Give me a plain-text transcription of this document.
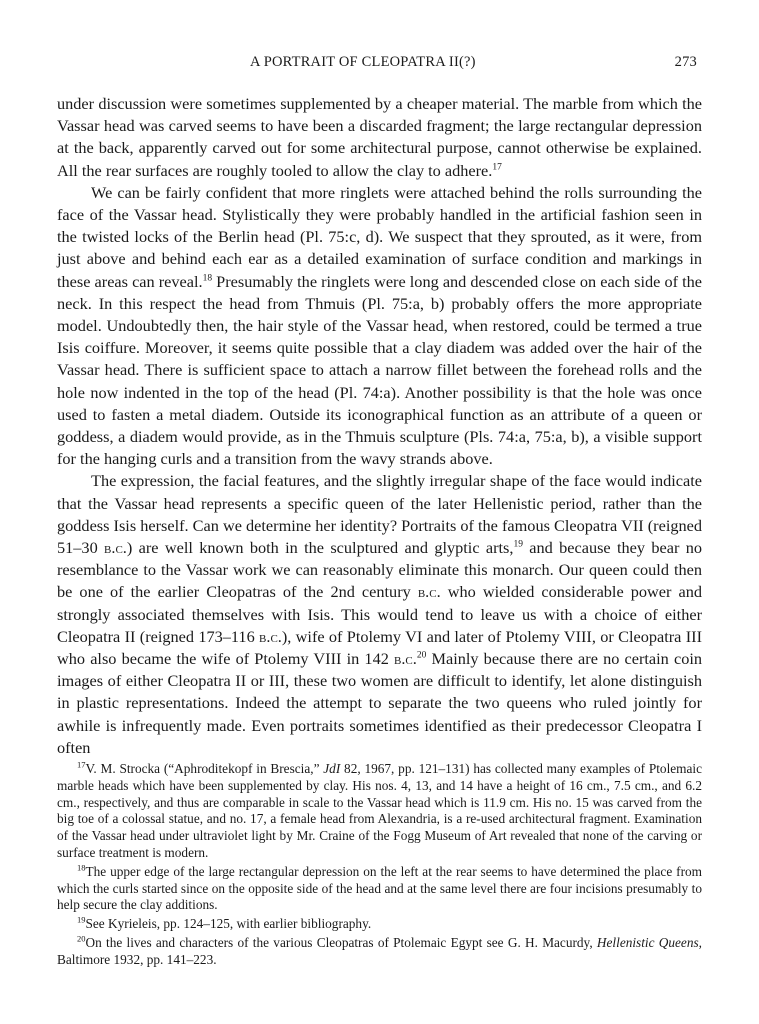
A PORTRAIT OF CLEOPATRA II(?)	273

under discussion were sometimes supplemented by a cheaper material. The marble from which the Vassar head was carved seems to have been a discarded fragment; the large rectangular depression at the back, apparently carved out for some architectural purpose, cannot otherwise be explained. All the rear surfaces are roughly tooled to allow the clay to adhere.$^{17}$

We can be fairly confident that more ringlets were attached behind the rolls surrounding the face of the Vassar head. Stylistically they were probably handled in the artificial fashion seen in the twisted locks of the Berlin head (Pl. 75:c, d). We suspect that they sprouted, as it were, from just above and behind each ear as a detailed examination of surface condition and markings in these areas can reveal.$^{18}$ Presumably the ringlets were long and descended close on each side of the neck. In this respect the head from Thmuis (Pl. 75:a, b) probably offers the more appropriate model. Undoubtedly then, the hair style of the Vassar head, when restored, could be termed a true Isis coiffure. Moreover, it seems quite possible that a clay diadem was added over the hair of the Vassar head. There is sufficient space to attach a narrow fillet between the forehead rolls and the hole now indented in the top of the head (Pl. 74:a). Another possibility is that the hole was once used to fasten a metal diadem. Outside its iconographical function as an attribute of a queen or goddess, a diadem would provide, as in the Thmuis sculpture (Pls. 74:a, 75:a, b), a visible support for the hanging curls and a transition from the wavy strands above.

The expression, the facial features, and the slightly irregular shape of the face would indicate that the Vassar head represents a specific queen of the later Hellenistic period, rather than the goddess Isis herself. Can we determine her identity? Portraits of the famous Cleopatra VII (reigned 51–30 b.c.) are well known both in the sculptured and glyptic arts,$^{19}$ and because they bear no resemblance to the Vassar work we can reasonably eliminate this monarch. Our queen could then be one of the earlier Cleopatras of the 2nd century b.c. who wielded considerable power and strongly associated themselves with Isis. This would tend to leave us with a choice of either Cleopatra II (reigned 173–116 b.c.), wife of Ptolemy VI and later of Ptolemy VIII, or Cleopatra III who also became the wife of Ptolemy VIII in 142 b.c.$^{20}$ Mainly because there are no certain coin images of either Cleopatra II or III, these two women are difficult to identify, let alone distinguish in plastic representations. Indeed the attempt to separate the two queens who ruled jointly for awhile is infrequently made. Even portraits sometimes identified as their predecessor Cleopatra I often

$^{17}$V. M. Strocka (“Aphroditekopf in Brescia,” JdI 82, 1967, pp. 121–131) has collected many examples of Ptolemaic marble heads which have been supplemented by clay. His nos. 4, 13, and 14 have a height of 16 cm., 7.5 cm., and 6.2 cm., respectively, and thus are comparable in scale to the Vassar head which is 11.9 cm. His no. 15 was carved from the big toe of a colossal statue, and no. 17, a female head from Alexandria, is a re-used architectural fragment. Examination of the Vassar head under ultraviolet light by Mr. Craine of the Fogg Museum of Art revealed that none of the carving or surface treatment is modern.

$^{18}$The upper edge of the large rectangular depression on the left at the rear seems to have determined the place from which the curls started since on the opposite side of the head and at the same level there are four incisions presumably to help secure the clay additions.

$^{19}$See Kyrieleis, pp. 124–125, with earlier bibliography.

$^{20}$On the lives and characters of the various Cleopatras of Ptolemaic Egypt see G. H. Macurdy, Hellenistic Queens, Baltimore 1932, pp. 141–223.
